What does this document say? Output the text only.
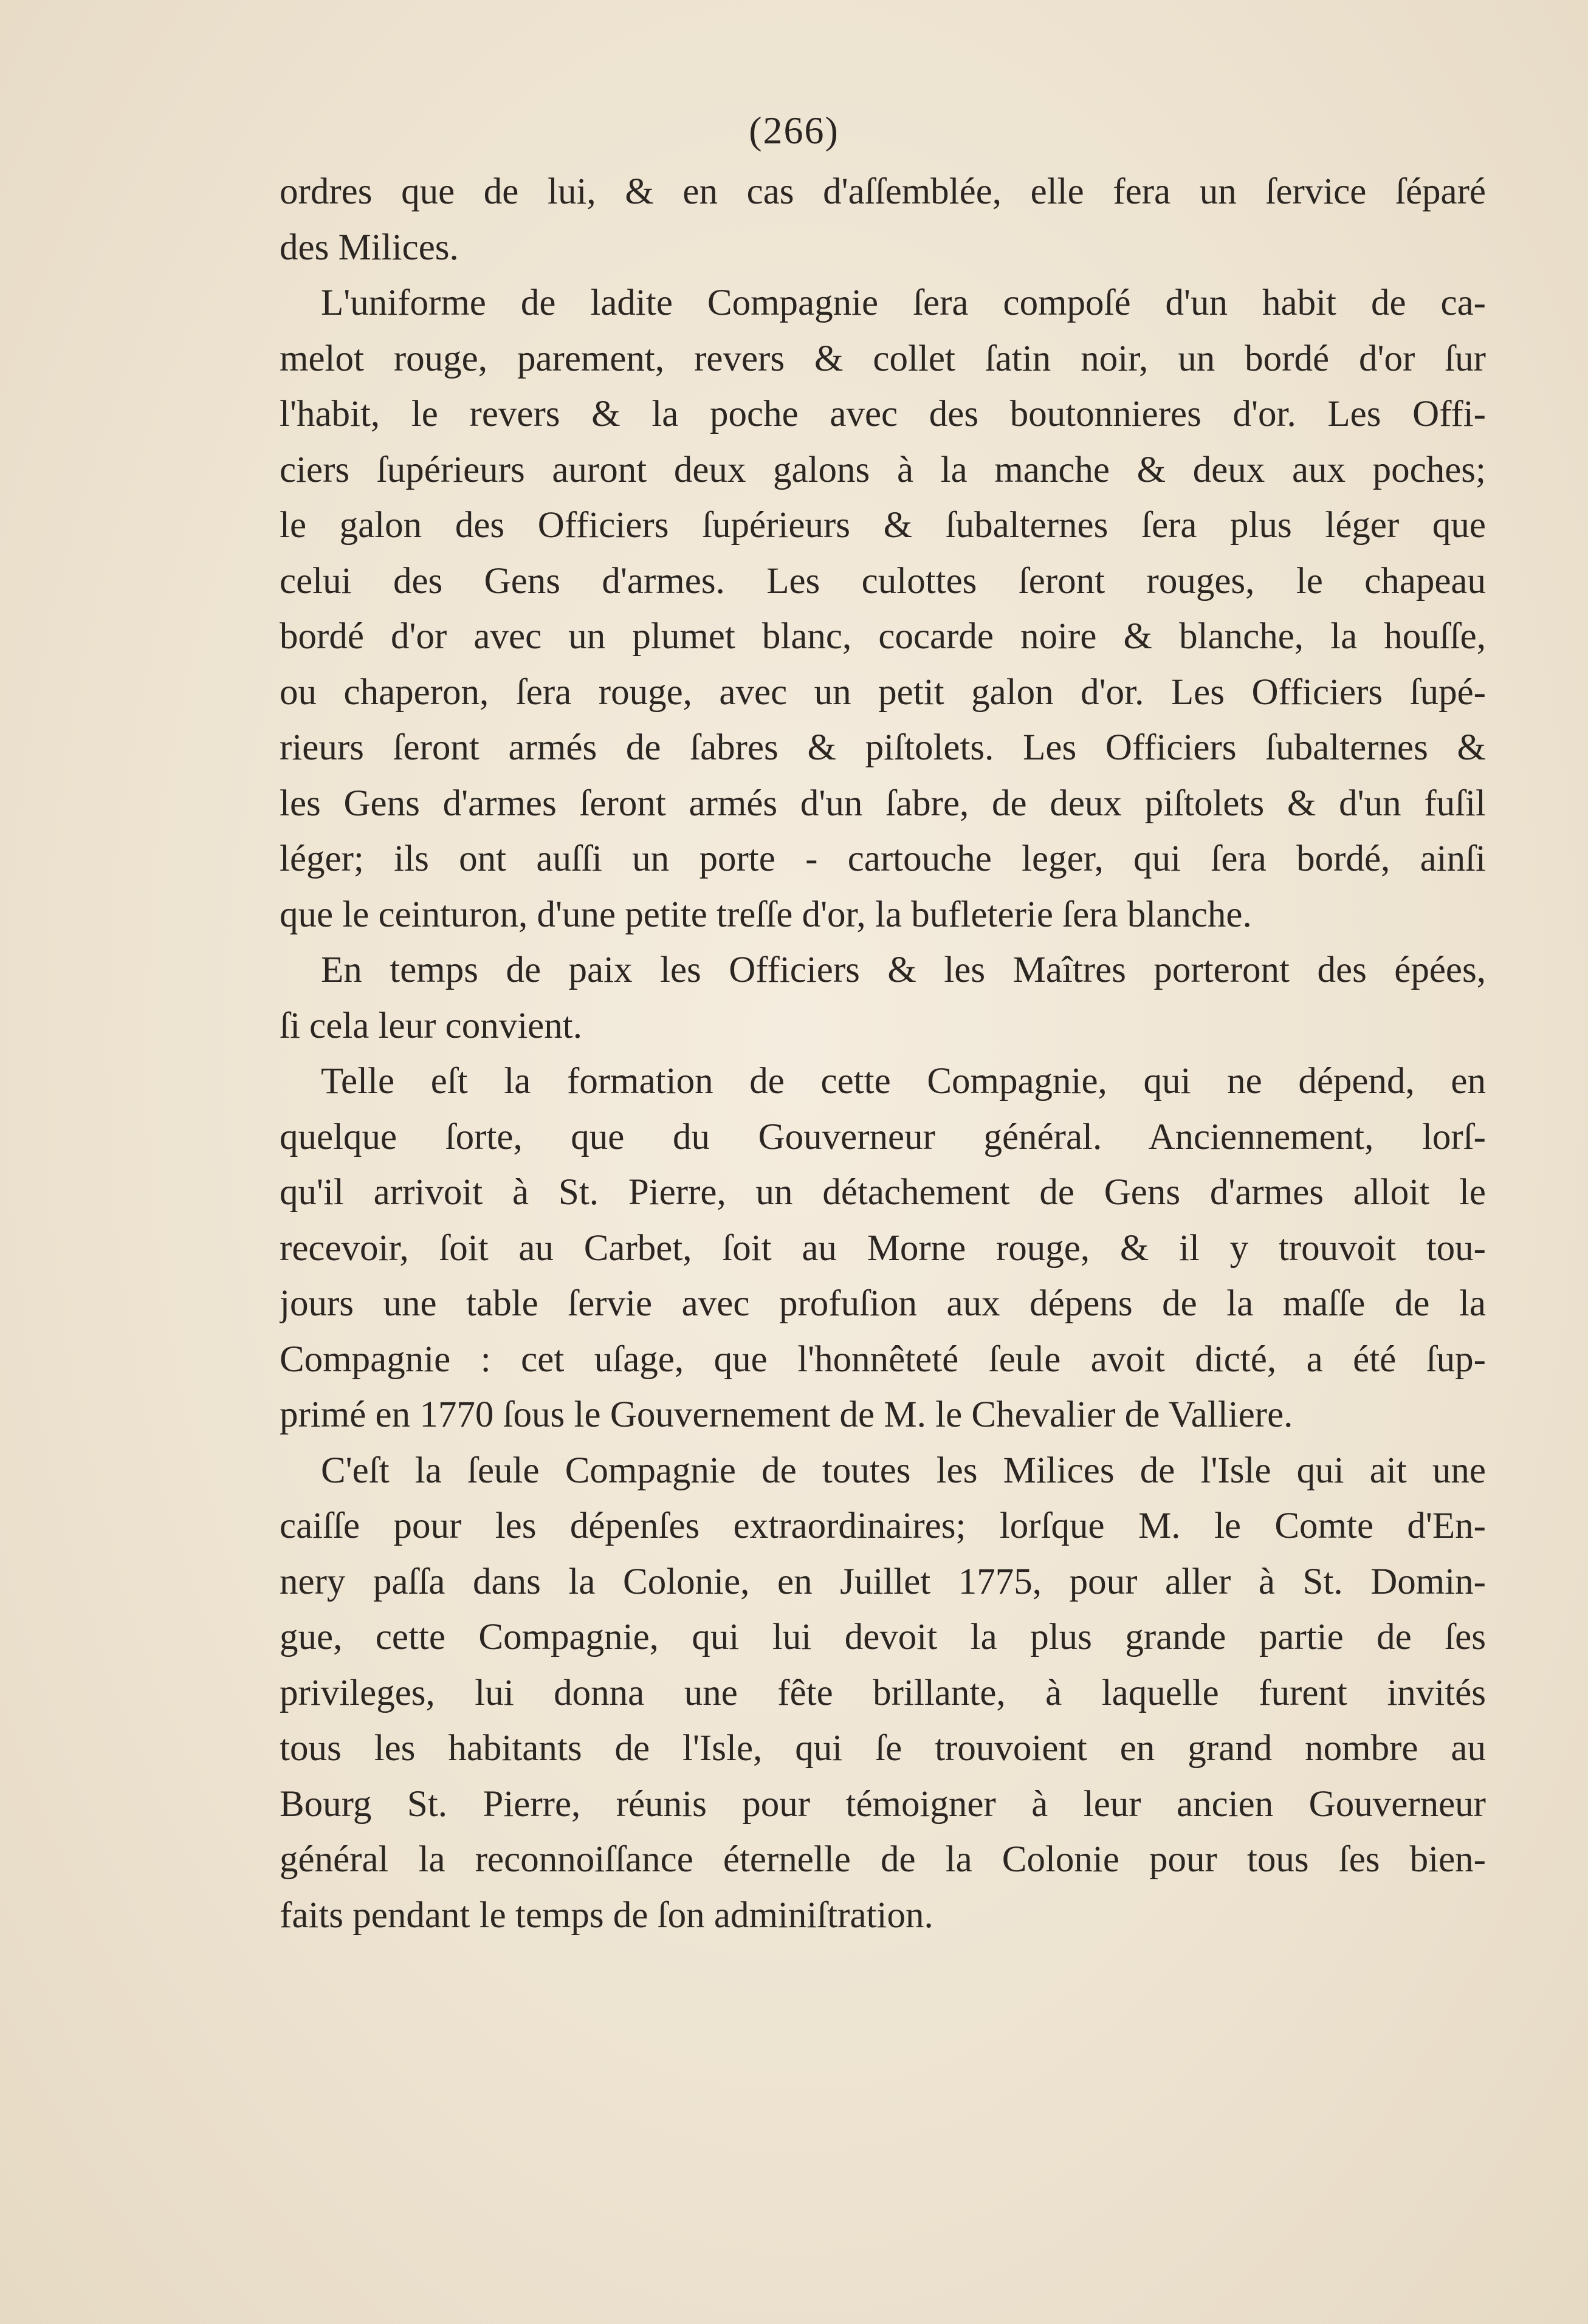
(266)
ordres que de lui, & en cas d'aſſemblée, elle fera un ſervice ſéparé
des Milices.
L'uniforme de ladite Compagnie ſera compoſé d'un habit de ca-
melot rouge, parement, revers & collet ſatin noir, un bordé d'or ſur
l'habit, le revers & la poche avec des boutonnieres d'or. Les Offi-
ciers ſupérieurs auront deux galons à la manche & deux aux poches;
le galon des Officiers ſupérieurs & ſubalternes ſera plus léger que
celui des Gens d'armes. Les culottes ſeront rouges, le chapeau
bordé d'or avec un plumet blanc, cocarde noire & blanche, la houſſe,
ou chaperon, ſera rouge, avec un petit galon d'or. Les Officiers ſupé-
rieurs ſeront armés de ſabres & piſtolets. Les Officiers ſubalternes &
les Gens d'armes ſeront armés d'un ſabre, de deux piſtolets & d'un fuſil
léger; ils ont auſſi un porte - cartouche leger, qui ſera bordé, ainſi
que le ceinturon, d'une petite treſſe d'or, la bufleterie ſera blanche.
En temps de paix les Officiers & les Maîtres porteront des épées,
ſi cela leur convient.
Telle eſt la formation de cette Compagnie, qui ne dépend, en
quelque ſorte, que du Gouverneur général. Anciennement, lorſ-
qu'il arrivoit à St. Pierre, un détachement de Gens d'armes alloit le
recevoir, ſoit au Carbet, ſoit au Morne rouge, & il y trouvoit tou-
jours une table ſervie avec profuſion aux dépens de la maſſe de la
Compagnie : cet uſage, que l'honnêteté ſeule avoit dicté, a été ſup-
primé en 1770 ſous le Gouvernement de M. le Chevalier de Valliere.
C'eſt la ſeule Compagnie de toutes les Milices de l'Isle qui ait une
caiſſe pour les dépenſes extraordinaires; lorſque M. le Comte d'En-
nery paſſa dans la Colonie, en Juillet 1775, pour aller à St. Domin-
gue, cette Compagnie, qui lui devoit la plus grande partie de ſes
privileges, lui donna une fête brillante, à laquelle furent invités
tous les habitants de l'Isle, qui ſe trouvoient en grand nombre au
Bourg St. Pierre, réunis pour témoigner à leur ancien Gouverneur
général la reconnoiſſance éternelle de la Colonie pour tous ſes bien-
faits pendant le temps de ſon adminiſtration.
